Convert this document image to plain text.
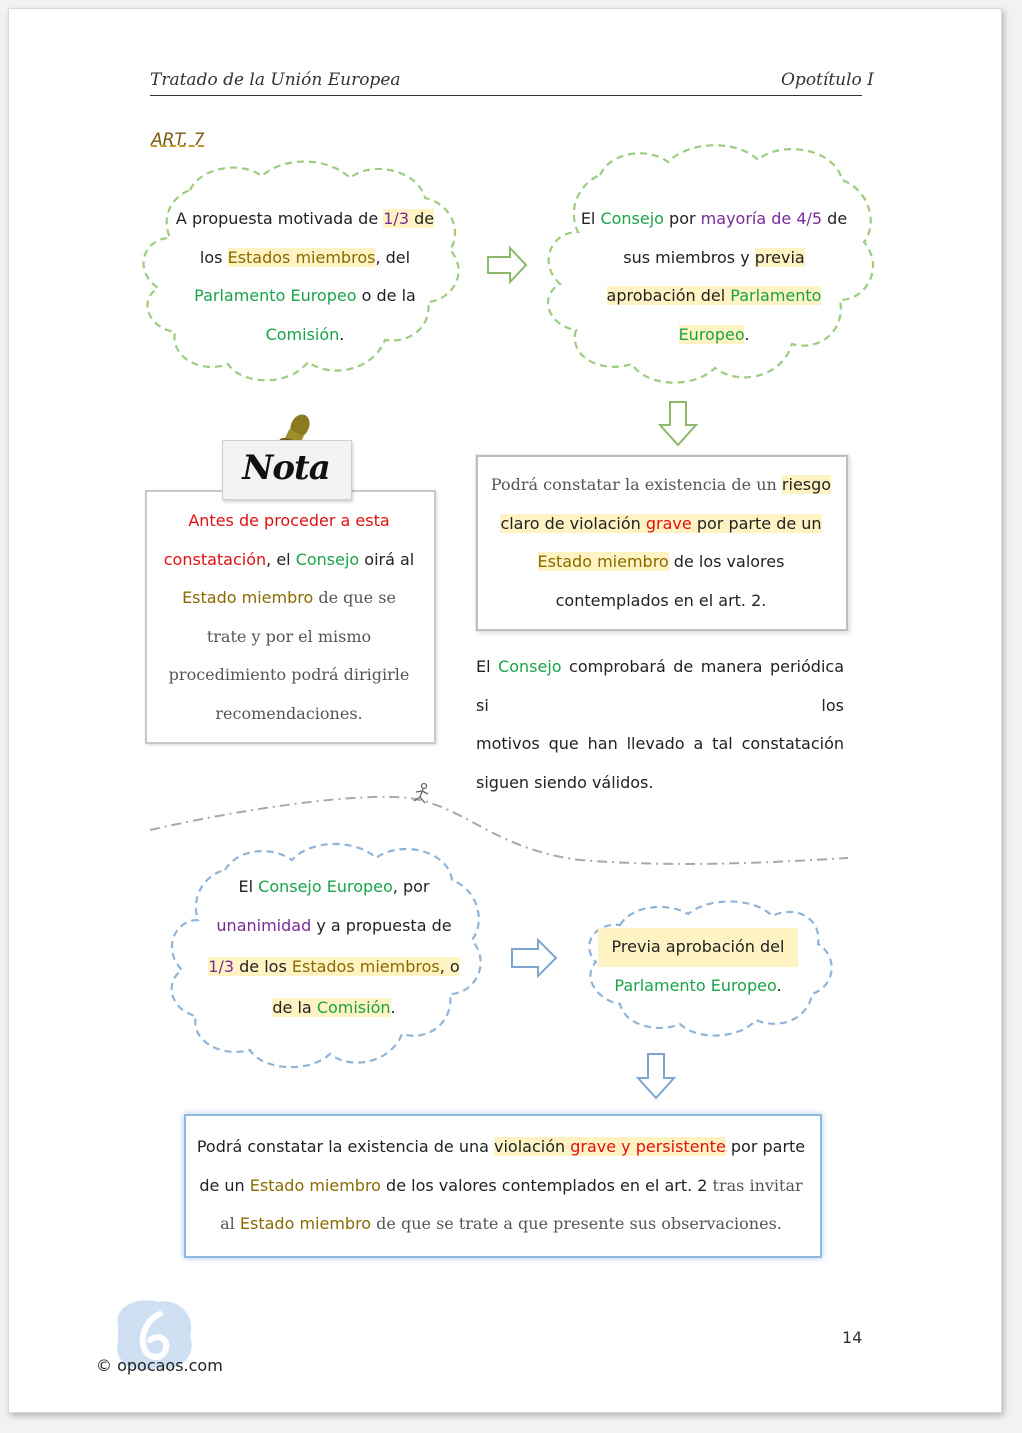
Tratado de la Unión Europea	Opotítulo I
ART. 7
A propuesta motivada de 1/3 de
los Estados miembros, del
Parlamento Europeo o de la
Comisión.
El Consejo por mayoría de 4/5 de
sus miembros y previa
aprobación del Parlamento
Europeo.
Nota
Antes de proceder a esta
constatación, el Consejo oirá al
Estado miembro de que se
trate y por el mismo
procedimiento podrá dirigirle
recomendaciones.
Podrá constatar la existencia de un riesgo
claro de violación grave por parte de un
Estado miembro de los valores
contemplados en el art. 2.
El Consejo comprobará de manera periódica si los
motivos que han llevado a tal constatación
siguen siendo válidos.
El Consejo Europeo, por
unanimidad y a propuesta de
1/3 de los Estados miembros, o
de la Comisión.
Previa aprobación del
Parlamento Europeo.
Podrá constatar la existencia de una violación grave y persistente por parte
de un Estado miembro de los valores contemplados en el art. 2 tras invitar
al Estado miembro de que se trate a que presente sus observaciones.
© opocaos.com
14
